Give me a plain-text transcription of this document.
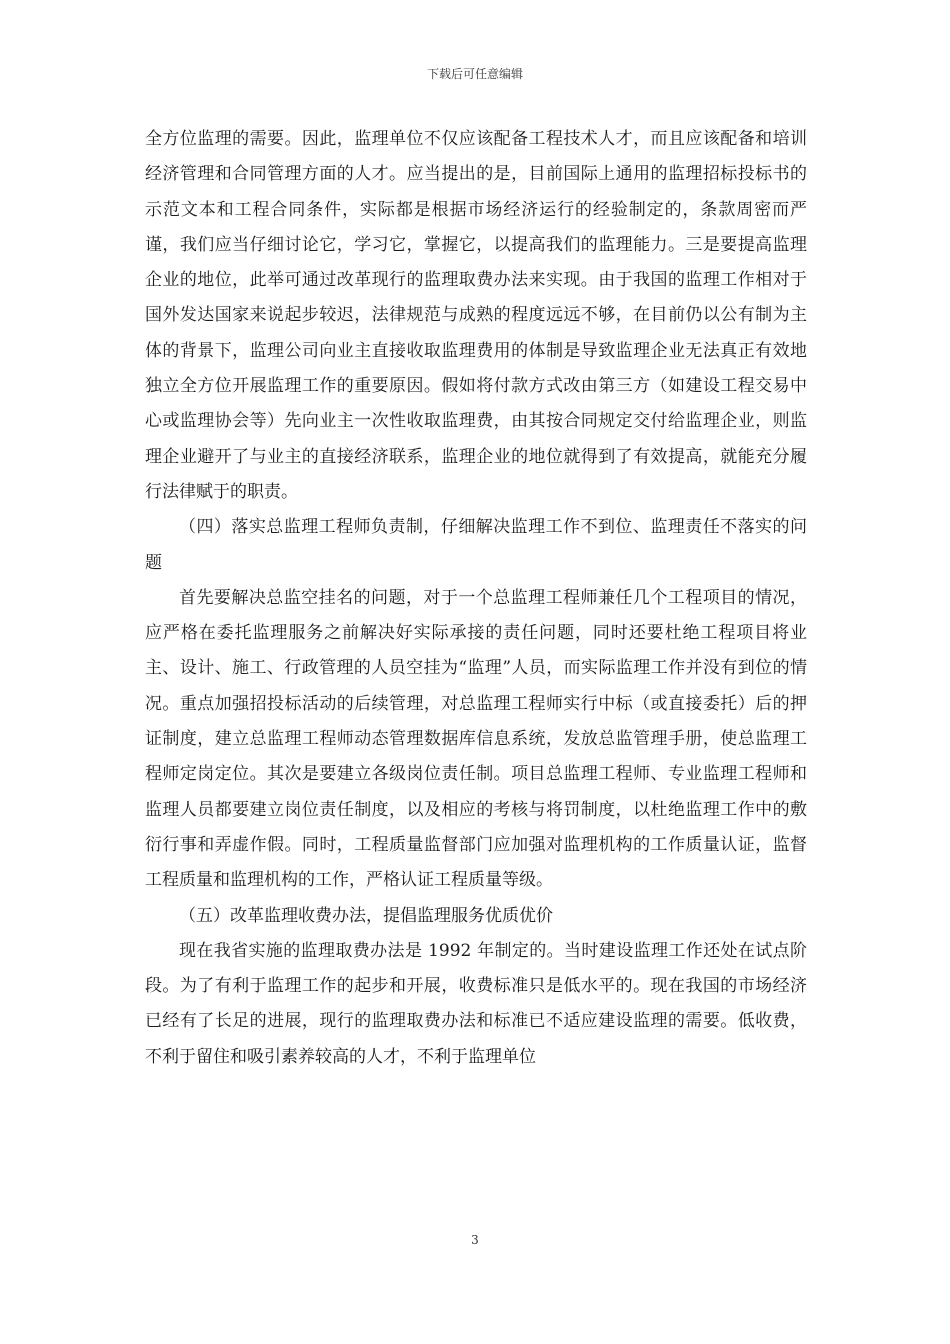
下载后可任意编辑

全方位监理的需要。因此，监理单位不仅应该配备工程技术人才，而且应该配备和培训经济管理和合同管理方面的人才。应当提出的是，目前国际上通用的监理招标投标书的示范文本和工程合同条件，实际都是根据市场经济运行的经验制定的，条款周密而严谨，我们应当仔细讨论它，学习它，掌握它，以提高我们的监理能力。三是要提高监理企业的地位，此举可通过改革现行的监理取费办法来实现。由于我国的监理工作相对于国外发达国家来说起步较迟，法律规范与成熟的程度远远不够，在目前仍以公有制为主体的背景下，监理公司向业主直接收取监理费用的体制是导致监理企业无法真正有效地独立全方位开展监理工作的重要原因。假如将付款方式改由第三方（如建设工程交易中心或监理协会等）先向业主一次性收取监理费，由其按合同规定交付给监理企业，则监理企业避开了与业主的直接经济联系，监理企业的地位就得到了有效提高，就能充分履行法律赋于的职责。

（四）落实总监理工程师负责制，仔细解决监理工作不到位、监理责任不落实的问题

首先要解决总监空挂名的问题，对于一个总监理工程师兼任几个工程项目的情况，应严格在委托监理服务之前解决好实际承接的责任问题，同时还要杜绝工程项目将业主、设计、施工、行政管理的人员空挂为“监理”人员，而实际监理工作并没有到位的情况。重点加强招投标活动的后续管理，对总监理工程师实行中标（或直接委托）后的押证制度，建立总监理工程师动态管理数据库信息系统，发放总监管理手册，使总监理工程师定岗定位。其次是要建立各级岗位责任制。项目总监理工程师、专业监理工程师和监理人员都要建立岗位责任制度，以及相应的考核与将罚制度，以杜绝监理工作中的敷衍行事和弄虚作假。同时，工程质量监督部门应加强对监理机构的工作质量认证，监督工程质量和监理机构的工作，严格认证工程质量等级。

（五）改革监理收费办法，提倡监理服务优质优价

现在我省实施的监理取费办法是 1992 年制定的。当时建设监理工作还处在试点阶段。为了有利于监理工作的起步和开展，收费标准只是低水平的。现在我国的市场经济已经有了长足的进展，现行的监理取费办法和标准已不适应建设监理的需要。低收费，不利于留住和吸引素养较高的人才，不利于监理单位

3
